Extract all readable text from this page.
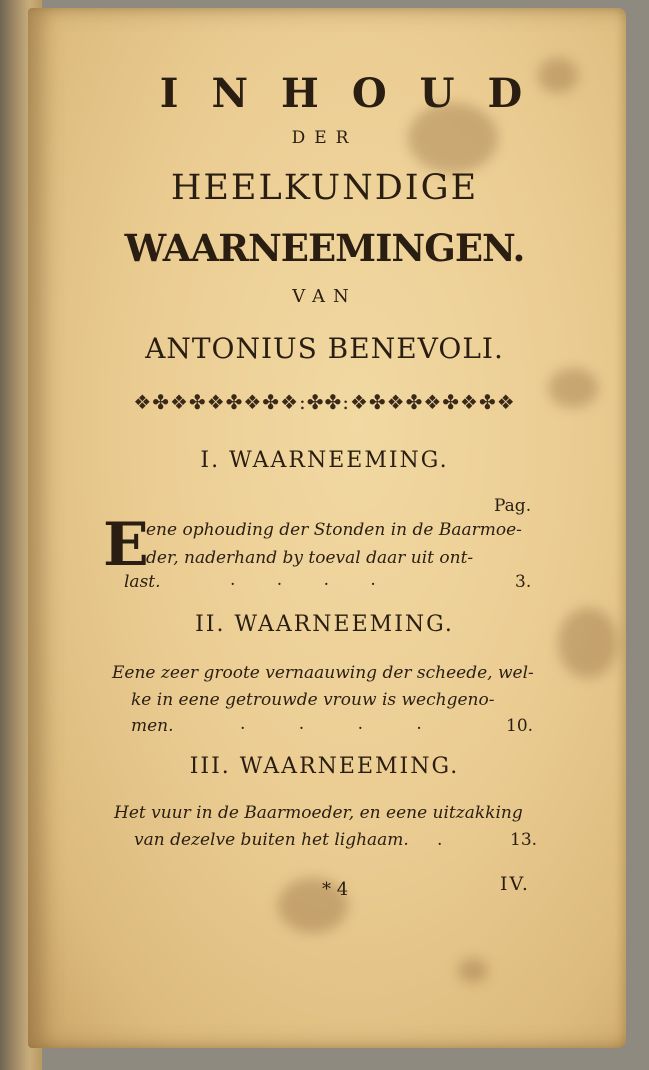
INHOUD
DER
HEELKUNDIGE
WAARNEEMINGEN.
VAN
ANTONIUS BENEVOLI.
❖✤❖✤❖✤❖✤❖:✤✤:❖✤❖✤❖✤❖✤❖
I. WAARNEEMING.
Pag.
E
ene ophouding der Stonden in de Baarmoe-
der, naderhand by toeval daar uit ont-
last.	. . . .	3.
II. WAARNEEMING.
Eene zeer groote vernaauwing der scheede, wel-
ke in eene getrouwde vrouw is wechgeno-
men.	. . . .	10.
III. WAARNEEMING.
Het vuur in de Baarmoeder, en eene uitzakking
van dezelve buiten het lighaam. .	13.
* 4	IV.
